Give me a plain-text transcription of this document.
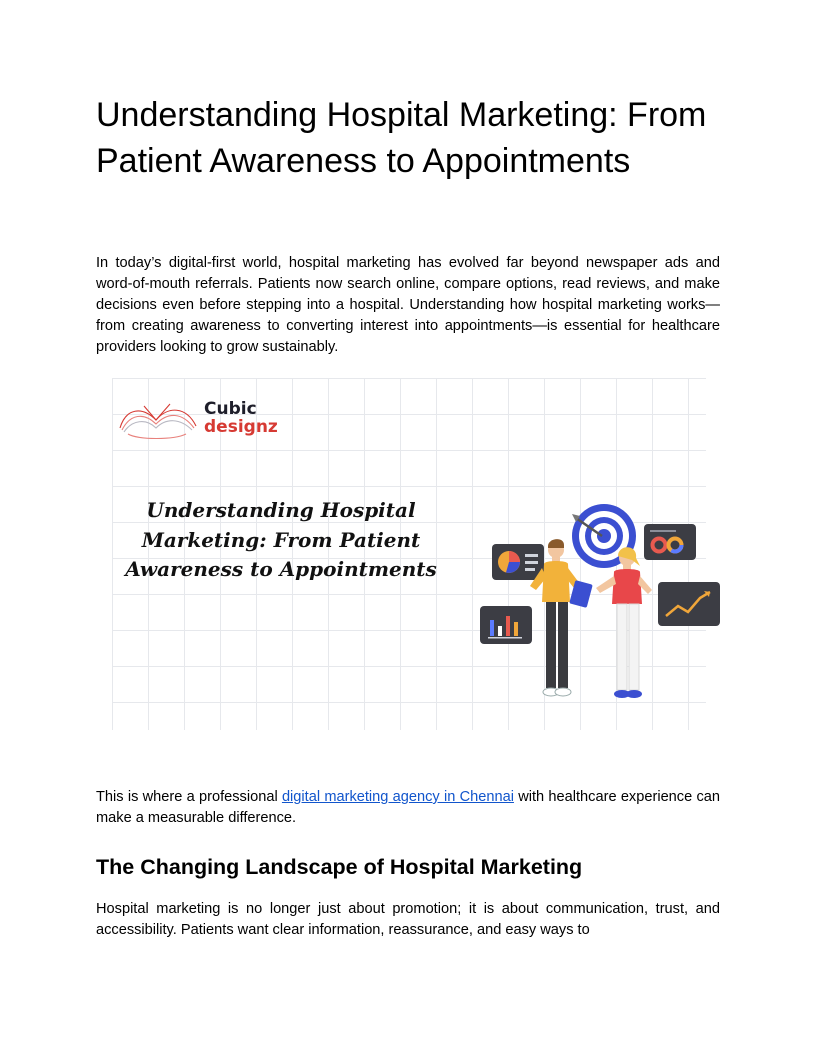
Understanding Hospital Marketing: From Patient Awareness to Appointments

In today’s digital-first world, hospital marketing has evolved far beyond newspaper ads and word-of-mouth referrals. Patients now search online, compare options, read reviews, and make decisions even before stepping into a hospital. Understanding how hospital marketing works—from creating awareness to converting interest into appointments—is essential for healthcare providers looking to grow sustainably.

This is where a professional digital marketing agency in Chennai with healthcare experience can make a measurable difference.

The Changing Landscape of Hospital Marketing

Hospital marketing is no longer just about promotion; it is about communication, trust, and accessibility. Patients want clear information, reassurance, and easy ways to

Cubic
designz

Understanding Hospital Marketing: From Patient Awareness to Appointments
